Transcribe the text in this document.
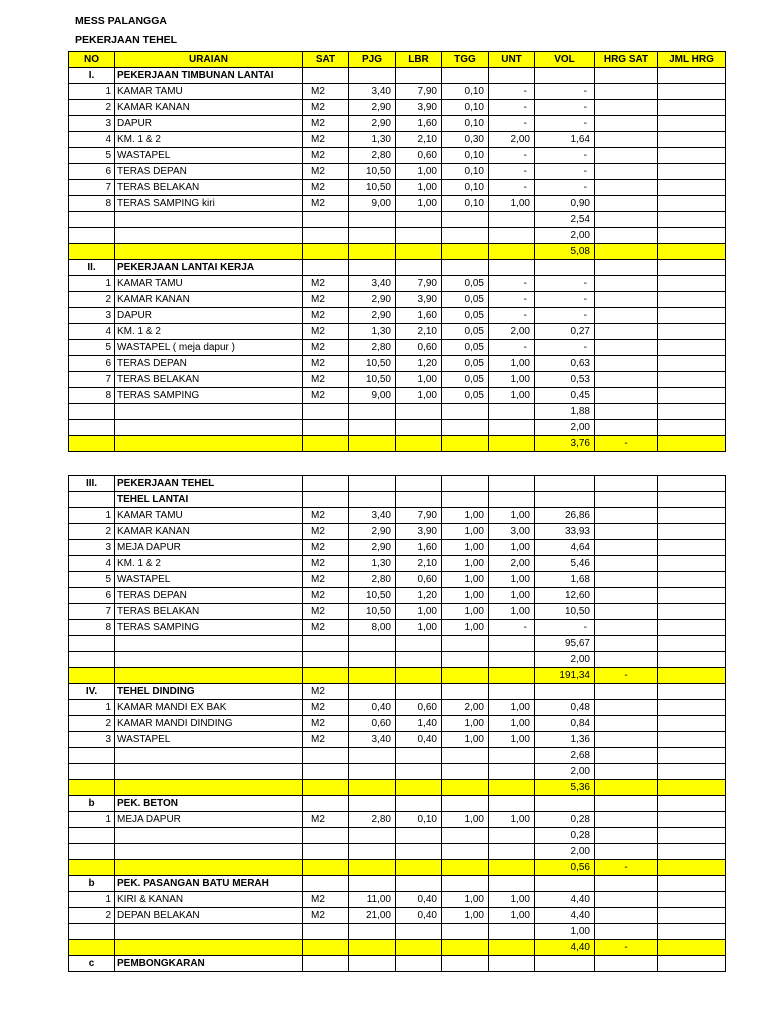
MESS PALANGGA
PEKERJAAN TEHEL
NO	URAIAN	SAT	PJG	LBR	TGG	UNT	VOL	HRG SAT	JML HRG
I.	PEKERJAAN TIMBUNAN LANTAI								
1	KAMAR TAMU	M2	3,40	7,90	0,10	-	-		
2	KAMAR KANAN	M2	2,90	3,90	0,10	-	-		
3	DAPUR	M2	2,90	1,60	0,10	-	-		
4	KM. 1 & 2	M2	1,30	2,10	0,30	2,00	1,64		
5	WASTAPEL	M2	2,80	0,60	0,10	-	-		
6	TERAS DEPAN	M2	10,50	1,00	0,10	-	-		
7	TERAS BELAKAN	M2	10,50	1,00	0,10	-	-		
8	TERAS SAMPING kiri	M2	9,00	1,00	0,10	1,00	0,90		
							2,54		
							2,00		
							5,08		
II.	PEKERJAAN LANTAI KERJA								
1	KAMAR TAMU	M2	3,40	7,90	0,05	-	-		
2	KAMAR KANAN	M2	2,90	3,90	0,05	-	-		
3	DAPUR	M2	2,90	1,60	0,05	-	-		
4	KM. 1 & 2	M2	1,30	2,10	0,05	2,00	0,27		
5	WASTAPEL ( meja dapur )	M2	2,80	0,60	0,05	-	-		
6	TERAS DEPAN	M2	10,50	1,20	0,05	1,00	0,63		
7	TERAS BELAKAN	M2	10,50	1,00	0,05	1,00	0,53		
8	TERAS SAMPING	M2	9,00	1,00	0,05	1,00	0,45		
							1,88		
							2,00		
							3,76	-	
III.	PEKERJAAN TEHEL								
	TEHEL LANTAI								
1	KAMAR TAMU	M2	3,40	7,90	1,00	1,00	26,86		
2	KAMAR KANAN	M2	2,90	3,90	1,00	3,00	33,93		
3	MEJA DAPUR	M2	2,90	1,60	1,00	1,00	4,64		
4	KM. 1 & 2	M2	1,30	2,10	1,00	2,00	5,46		
5	WASTAPEL	M2	2,80	0,60	1,00	1,00	1,68		
6	TERAS DEPAN	M2	10,50	1,20	1,00	1,00	12,60		
7	TERAS BELAKAN	M2	10,50	1,00	1,00	1,00	10,50		
8	TERAS SAMPING	M2	8,00	1,00	1,00	-	-		
							95,67		
							2,00		
							191,34	-	
IV.	TEHEL DINDING	M2							
1	KAMAR MANDI EX BAK	M2	0,40	0,60	2,00	1,00	0,48		
2	KAMAR MANDI DINDING	M2	0,60	1,40	1,00	1,00	0,84		
3	WASTAPEL	M2	3,40	0,40	1,00	1,00	1,36		
							2,68		
							2,00		
							5,36		
b	PEK. BETON								
1	MEJA DAPUR	M2	2,80	0,10	1,00	1,00	0,28		
							0,28		
							2,00		
							0,56	-	
b	PEK. PASANGAN BATU MERAH								
1	KIRI & KANAN	M2	11,00	0,40	1,00	1,00	4,40		
2	DEPAN BELAKAN	M2	21,00	0,40	1,00	1,00	4,40		
							1,00		
							4,40	-	
c	PEMBONGKARAN								
